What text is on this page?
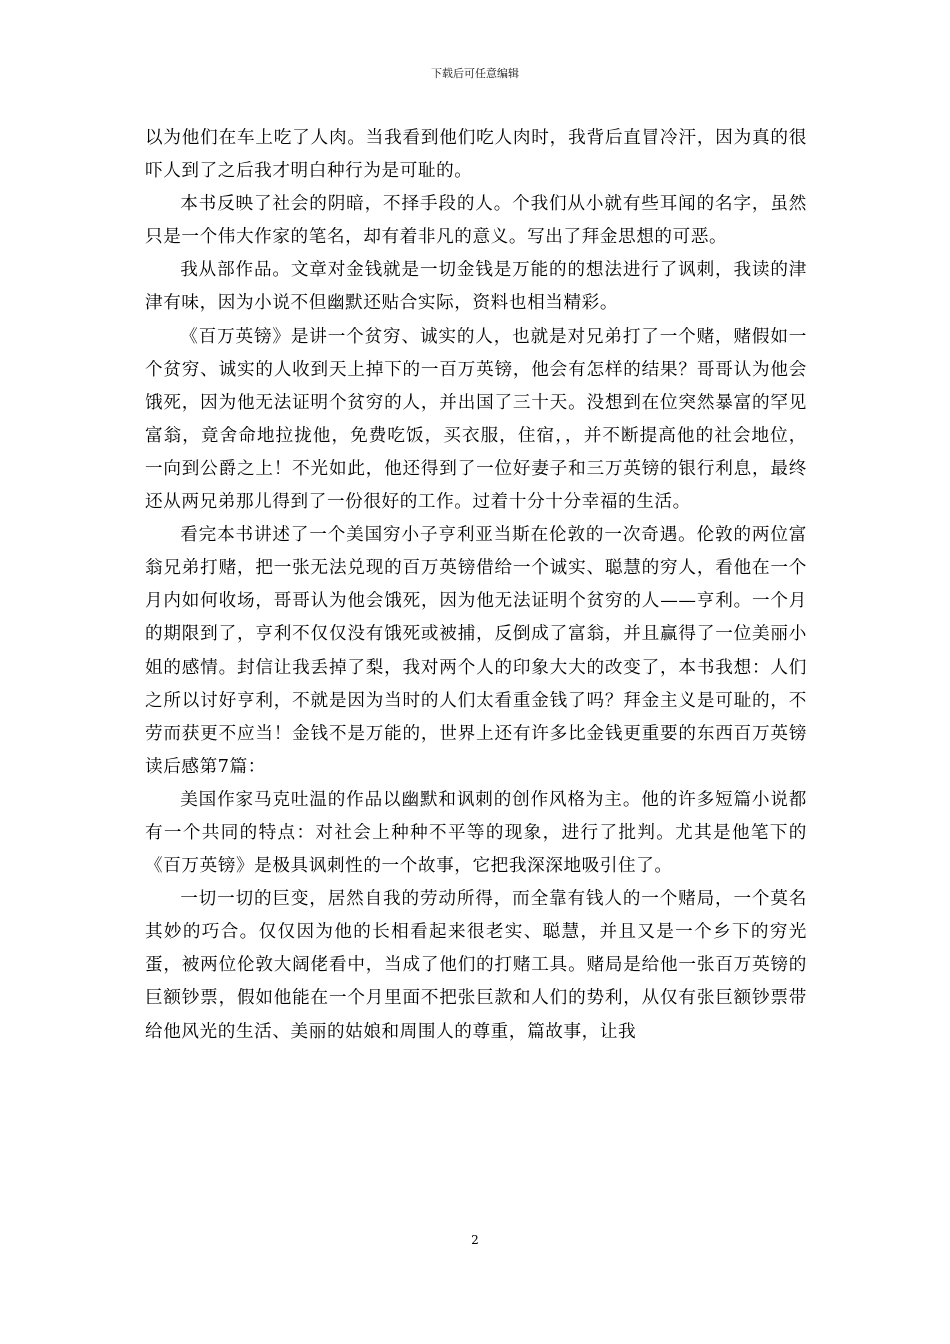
下载后可任意编辑

以为他们在车上吃了人肉。当我看到他们吃人肉时，我背后直冒冷汗，因为真的很吓人到了之后我才明白种行为是可耻的。

本书反映了社会的阴暗，不择手段的人。个我们从小就有些耳闻的名字，虽然只是一个伟大作家的笔名，却有着非凡的意义。写出了拜金思想的可恶。

我从部作品。文章对金钱就是一切金钱是万能的的想法进行了讽刺，我读的津津有味，因为小说不但幽默还贴合实际，资料也相当精彩。

《百万英镑》是讲一个贫穷、诚实的人，也就是对兄弟打了一个赌，赌假如一个贫穷、诚实的人收到天上掉下的一百万英镑，他会有怎样的结果？哥哥认为他会饿死，因为他无法证明个贫穷的人，并出国了三十天。没想到在位突然暴富的罕见富翁，竟舍命地拉拢他，免费吃饭，买衣服，住宿，，并不断提高他的社会地位，一向到公爵之上！不光如此，他还得到了一位好妻子和三万英镑的银行利息，最终还从两兄弟那儿得到了一份很好的工作。过着十分十分幸福的生活。

看完本书讲述了一个美国穷小子亨利亚当斯在伦敦的一次奇遇。伦敦的两位富翁兄弟打赌，把一张无法兑现的百万英镑借给一个诚实、聪慧的穷人，看他在一个月内如何收场，哥哥认为他会饿死，因为他无法证明个贫穷的人——亨利。一个月的期限到了，亨利不仅仅没有饿死或被捕，反倒成了富翁，并且赢得了一位美丽小姐的感情。封信让我丢掉了梨，我对两个人的印象大大的改变了，本书我想：人们之所以讨好亨利，不就是因为当时的人们太看重金钱了吗？拜金主义是可耻的，不劳而获更不应当！金钱不是万能的，世界上还有许多比金钱更重要的东西百万英镑读后感第7篇：

美国作家马克吐温的作品以幽默和讽刺的创作风格为主。他的许多短篇小说都有一个共同的特点：对社会上种种不平等的现象，进行了批判。尤其是他笔下的《百万英镑》是极具讽刺性的一个故事，它把我深深地吸引住了。

一切一切的巨变，居然自我的劳动所得，而全靠有钱人的一个赌局，一个莫名其妙的巧合。仅仅因为他的长相看起来很老实、聪慧，并且又是一个乡下的穷光蛋，被两位伦敦大阔佬看中，当成了他们的打赌工具。赌局是给他一张百万英镑的巨额钞票，假如他能在一个月里面不把张巨款和人们的势利，从仅有张巨额钞票带给他风光的生活、美丽的姑娘和周围人的尊重，篇故事，让我

2
